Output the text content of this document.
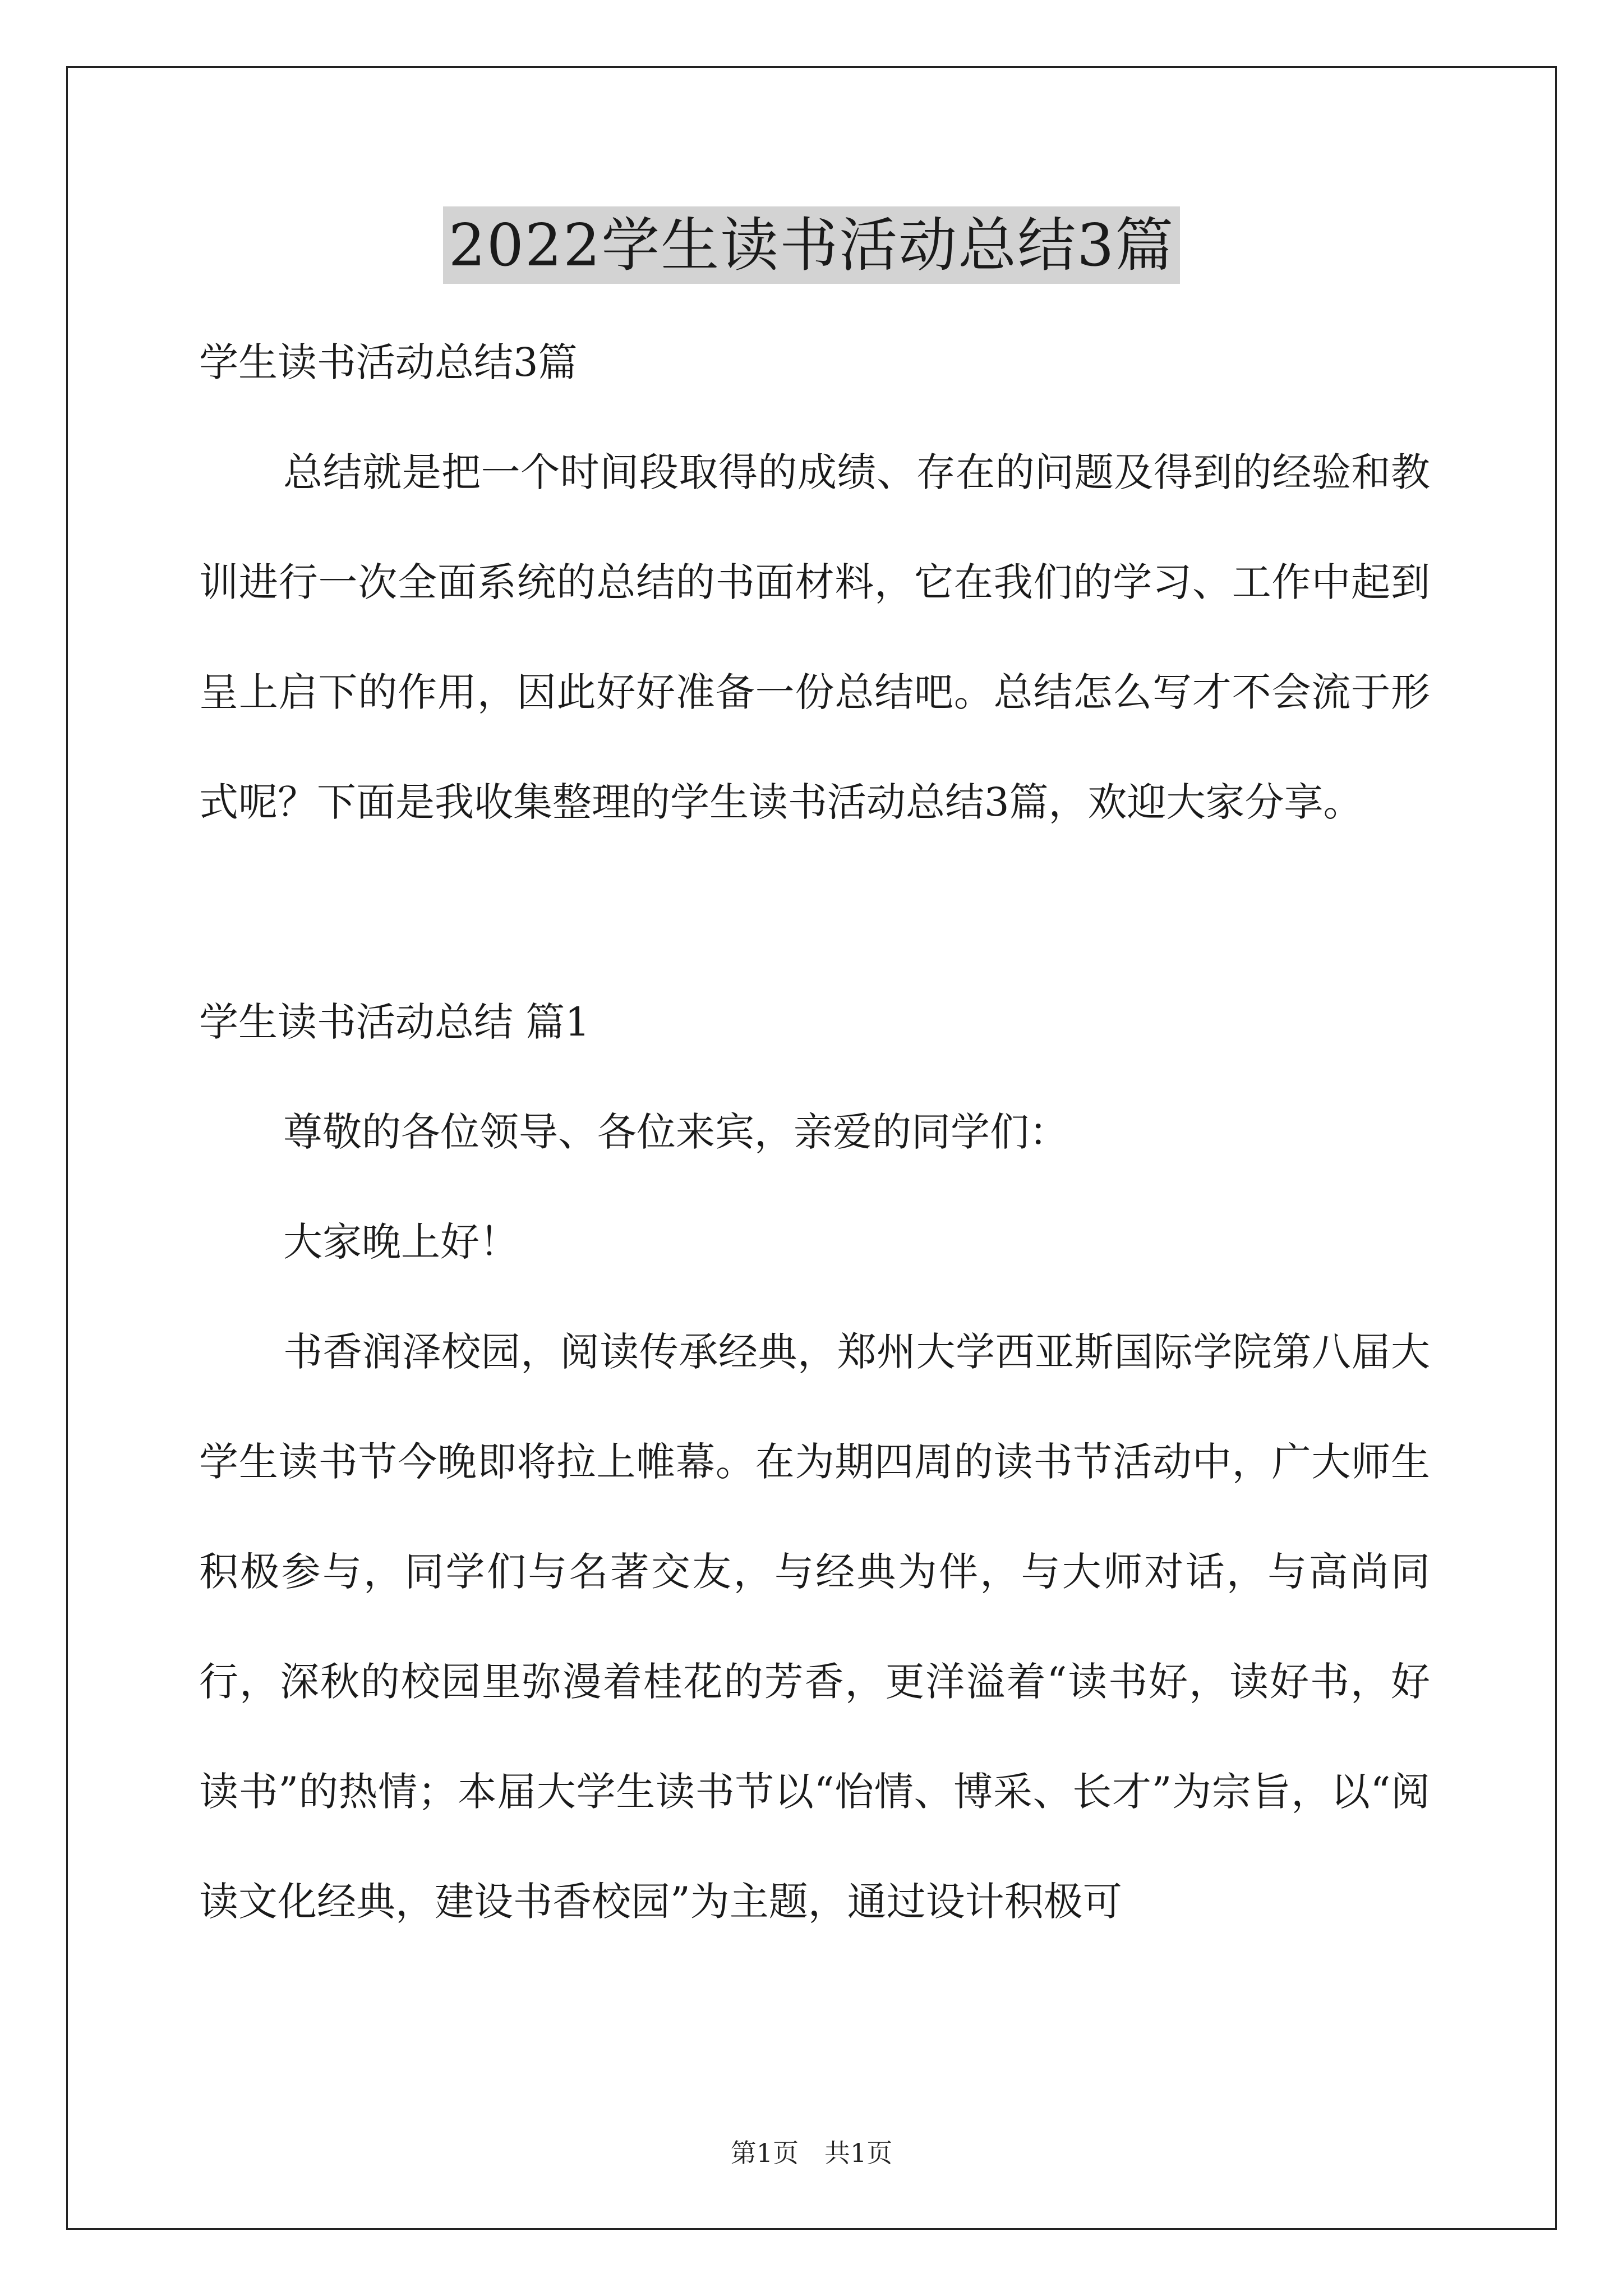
2022学生读书活动总结3篇

学生读书活动总结3篇

总结就是把一个时间段取得的成绩、存在的问题及得到的经验和教训进行一次全面系统的总结的书面材料，它在我们的学习、工作中起到呈上启下的作用，因此好好准备一份总结吧。总结怎么写才不会流于形式呢？下面是我收集整理的学生读书活动总结3篇，欢迎大家分享。

学生读书活动总结 篇1

尊敬的各位领导、各位来宾，亲爱的同学们：

大家晚上好！

书香润泽校园，阅读传承经典，郑州大学西亚斯国际学院第八届大学生读书节今晚即将拉上帷幕。在为期四周的读书节活动中，广大师生积极参与，同学们与名著交友，与经典为伴，与大师对话，与高尚同行，深秋的校园里弥漫着桂花的芳香，更洋溢着“读书好，读好书，好读书”的热情；本届大学生读书节以“怡情、博采、长才”为宗旨，以“阅读文化经典，建设书香校园”为主题，通过设计积极可

第1页　共1页
